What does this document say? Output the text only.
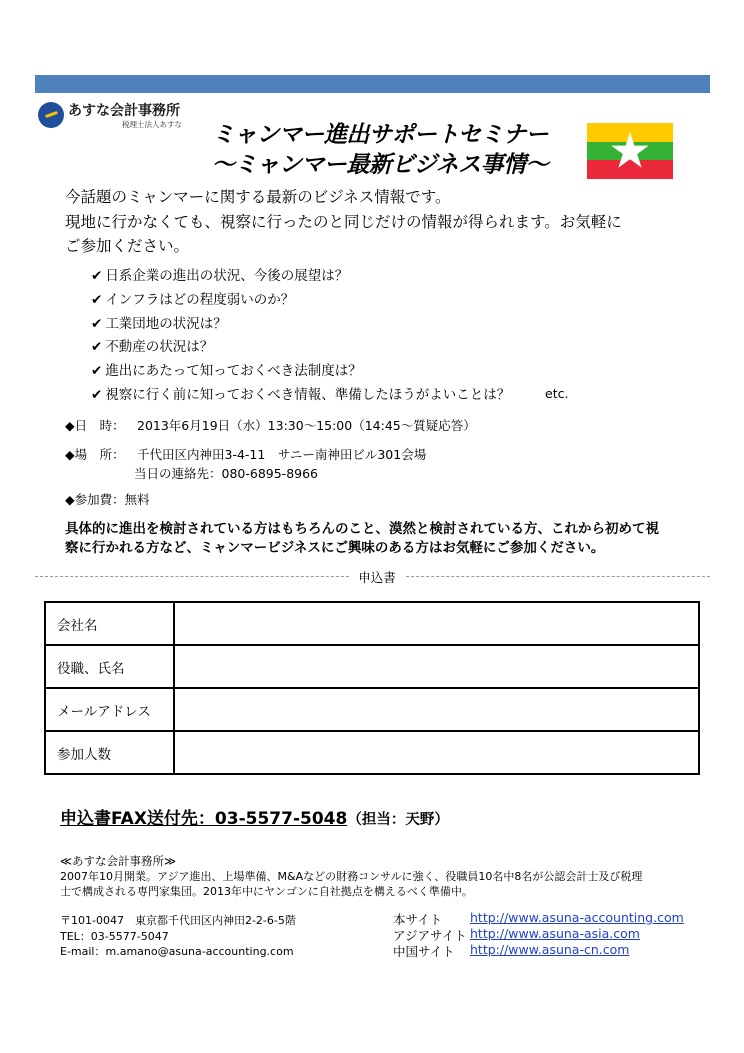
あすな会計事務所
税理士法人あすな	ミャンマー進出サポートセミナー
〜ミャンマー最新ビジネス事情〜
今話題のミャンマーに関する最新のビジネス情報です。
現地に行かなくても、視察に行ったのと同じだけの情報が得られます。お気軽に
ご参加ください。
✔ 日系企業の進出の状況、今後の展望は？
✔ インフラはどの程度弱いのか？
✔ 工業団地の状況は？
✔ 不動産の状況は？
✔ 進出にあたって知っておくべき法制度は？
✔ 視察に行く前に知っておくべき情報、準備したほうがよいことは？	etc.
◆日　時： 2013年6月19日（水）13:30～15:00（14:45～質疑応答）
◆場　所： 千代田区内神田3-4-11　サニー南神田ビル301会場
当日の連絡先：080-6895-8966
◆参加費：無料
具体的に進出を検討されている方はもちろんのこと、漠然と検討されている方、これから初めて視
察に行かれる方など、ミャンマービジネスにご興味のある方はお気軽にご参加ください。
申込書
会社名	
役職、氏名	
メールアドレス	
参加人数	
申込書FAX送付先：03-5577-5048（担当：天野）
≪あすな会計事務所≫
2007年10月開業。アジア進出、上場準備、M&Aなどの財務コンサルに強く、役職員10名中8名が公認会計士及び税理
士で構成される専門家集団。2013年中にヤンゴンに自社拠点を構えるべく準備中。
〒101-0047　東京都千代田区内神田2-2-6-5階
TEL：03-5577-5047
E-mail：m.amano@asuna-accounting.com
本サイト http://www.asuna-accounting.com
アジアサイト http://www.asuna-asia.com
中国サイト http://www.asuna-cn.com
